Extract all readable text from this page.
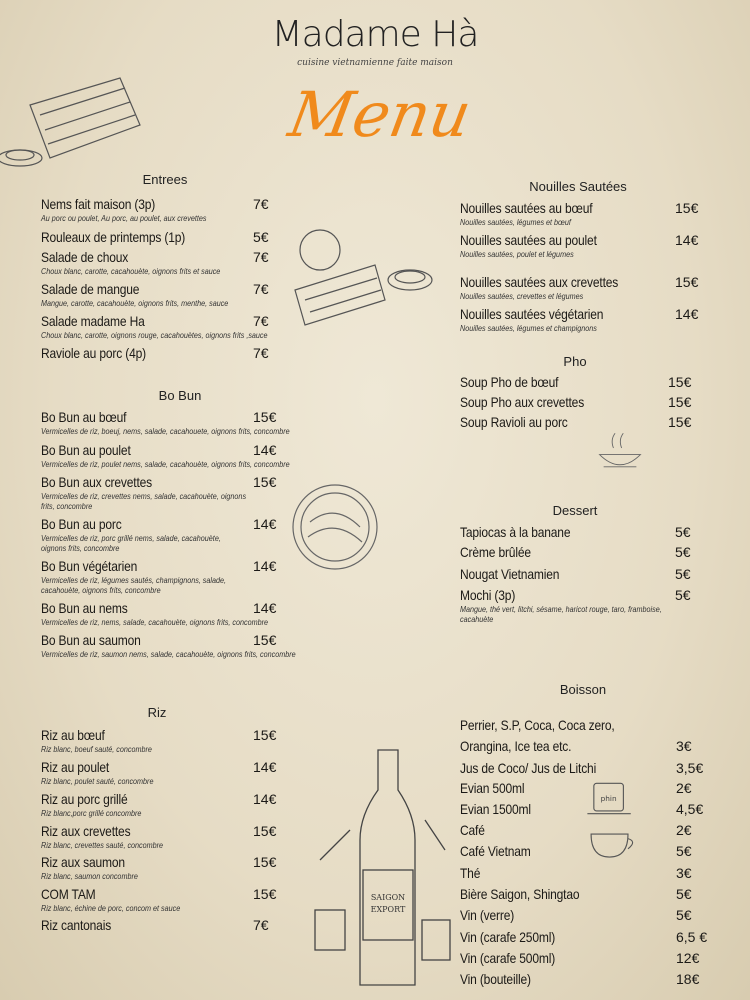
Madame Hà
cuisine vietnamienne faite maison
Menu
SAIGON
EXPORT
phin
Entrees
Nems fait maison (3p)	7€
Au porc ou poulet, Au porc, au poulet, aux crevettes
Rouleaux de printemps (1p)	5€
Salade de choux	7€
Choux blanc, carotte, cacahouète, oignons frits et sauce
Salade de mangue	7€
Mangue, carotte, cacahouète, oignons frits, menthe, sauce
Salade madame Ha	7€
Choux blanc, carotte, oignons rouge, cacahouètes, oignons frits ,sauce
Raviole au porc (4p)	7€
Bo Bun
Bo Bun au bœuf	15€
Vermicelles de riz, boeuj, nems, salade, cacahouete, oignons frits, concombre
Bo Bun au poulet	14€
Vermicelles de riz, poulet nems, salade, cacahouète, oignons frits, concombre
Bo Bun aux crevettes	15€
Vermicelles de riz, crevettes nems, salade, cacahouète, oignons frits, concombre
Bo Bun au porc	14€
Vermicelles de riz, porc grillé nems, salade, cacahouète, oignons frits, concombre
Bo Bun végétarien	14€
Vermicelles de riz, légumes sautés, champignons, salade, cacahouète, oignons frits, concombre
Bo Bun au nems	14€
Vermicelles de riz, nems, salade, cacahouète, oignons frits, concombre
Bo Bun au saumon	15€
Vermicelles de riz, saumon nems, salade, cacahouète, oignons frits, concombre
Riz
Riz au bœuf	15€
Riz blanc, boeuf sauté, concombre
Riz au poulet	14€
Riz blanc, poulet sauté, concombre
Riz au porc grillé	14€
Riz blanc,porc grillé concombre
Riz aux crevettes	15€
Riz blanc, crevettes sauté, concombre
Riz aux saumon	15€
Riz blanc, saumon concombre
COM TAM	15€
Riz blanc, échine de porc, concom et sauce
Riz cantonais	7€
Nouilles Sautées
Nouilles sautées au bœuf	15€
Nouilles sautées, légumes et bœuf
Nouilles sautées au poulet	14€
Nouilles sautées, poulet et légumes
Nouilles sautées aux crevettes	15€
Nouilles sautées, crevettes et légumes
Nouilles sautées végétarien	14€
Nouilles sautées, légumes et champignons
Pho
Soup Pho de bœuf	15€
Soup Pho aux crevettes	15€
Soup Ravioli au porc	15€
Dessert
Tapiocas à la banane	5€
Crème brûlée	5€
Nougat Vietnamien	5€
Mochi (3p)	5€
Mangue, thé vert, litchi, sésame, haricot rouge, taro, framboise, cacahuète
Boisson
Perrier, S.P, Coca, Coca zero,
Orangina, Ice tea etc.	3€
Jus de Coco/ Jus de Litchi	3,5€
Evian 500ml	2€
Evian 1500ml	4,5€
Café	2€
Café Vietnam	5€
Thé	3€
Bière Saigon, Shingtao	5€
Vin (verre)	5€
Vin (carafe 250ml)	6,5 €
Vin (carafe 500ml)	12€
Vin (bouteille)	18€
